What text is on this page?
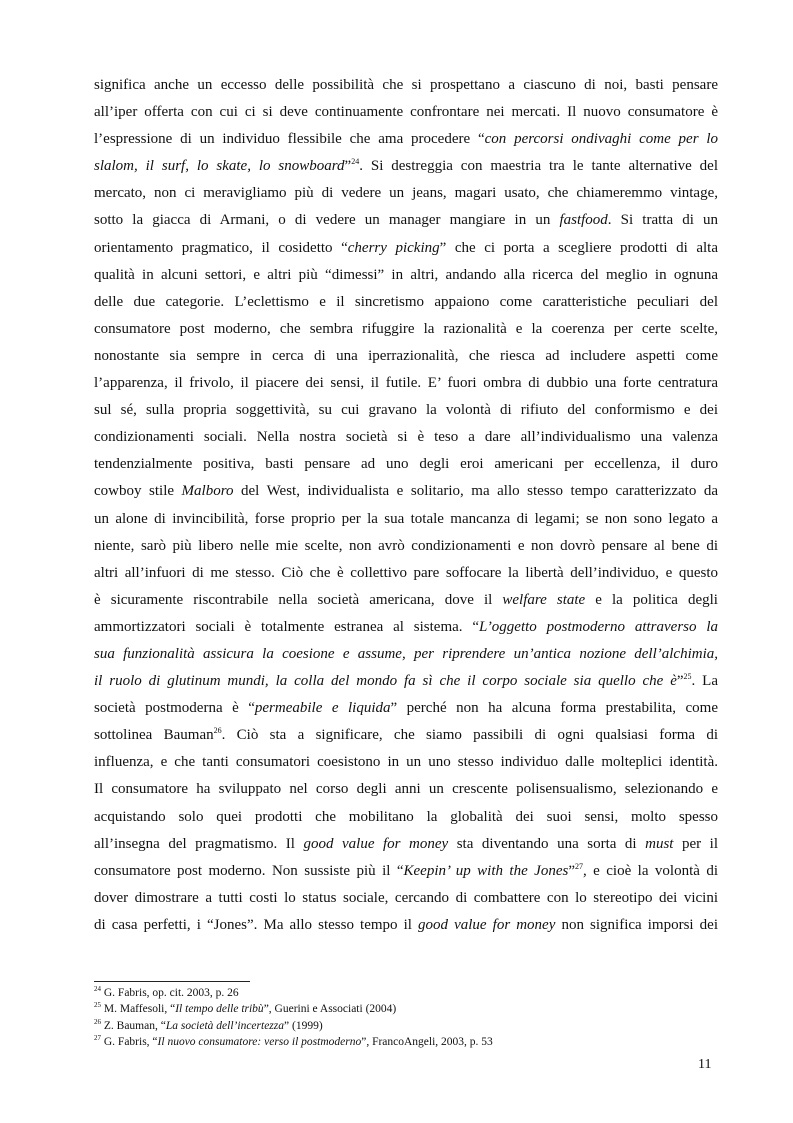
significa anche un eccesso delle possibilità che si prospettano a ciascuno di noi, basti pensare
all’iper offerta con cui ci si deve continuamente confrontare nei mercati. Il nuovo consumatore è
l’espressione di un individuo flessibile che ama procedere “con percorsi ondivaghi come per lo
slalom, il surf, lo skate, lo snowboard”$^{24}$. Si destreggia con maestria tra le tante alternative del
mercato, non ci meravigliamo più di vedere un jeans, magari usato, che chiameremmo vintage,
sotto la giacca di Armani, o di vedere un manager mangiare in un fastfood. Si tratta di un
orientamento pragmatico, il cosidetto “cherry picking” che ci porta a scegliere prodotti di alta
qualità in alcuni settori, e altri più “dimessi” in altri, andando alla ricerca del meglio in ognuna
delle due categorie. L’eclettismo e il sincretismo appaiono come caratteristiche peculiari del
consumatore post moderno, che sembra rifuggire la razionalità e la coerenza per certe scelte,
nonostante sia sempre in cerca di una iperrazionalità, che riesca ad includere aspetti come
l’apparenza, il frivolo, il piacere dei sensi, il futile. E’ fuori ombra di dubbio una forte centratura
sul sé, sulla propria soggettività, su cui gravano la volontà di rifiuto del conformismo e dei
condizionamenti sociali. Nella nostra società si è teso a dare all’individualismo una valenza
tendenzialmente positiva, basti pensare ad uno degli eroi americani per eccellenza, il duro
cowboy stile Malboro del West, individualista e solitario, ma allo stesso tempo caratterizzato da
un alone di invincibilità, forse proprio per la sua totale mancanza di legami; se non sono legato a
niente, sarò più libero nelle mie scelte, non avrò condizionamenti e non dovrò pensare al bene di
altri all’infuori di me stesso. Ciò che è collettivo pare soffocare la libertà dell’individuo, e questo
è sicuramente riscontrabile nella società americana, dove il welfare state e la politica degli
ammortizzatori sociali è totalmente estranea al sistema. “L’oggetto postmoderno attraverso la
sua funzionalità assicura la coesione e assume, per riprendere un’antica nozione dell’alchimia,
il ruolo di glutinum mundi, la colla del mondo fa sì che il corpo sociale sia quello che è”$^{25}$. La
società postmoderna è “permeabile e liquida” perché non ha alcuna forma prestabilita, come
sottolinea Bauman$^{26}$. Ciò sta a significare, che siamo passibili di ogni qualsiasi forma di
influenza, e che tanti consumatori coesistono in un uno stesso individuo dalle molteplici identità.
Il consumatore ha sviluppato nel corso degli anni un crescente polisensualismo, selezionando e
acquistando solo quei prodotti che mobilitano la globalità dei suoi sensi, molto spesso
all’insegna del pragmatismo. Il good value for money sta diventando una sorta di must per il
consumatore post moderno. Non sussiste più il “Keepin’ up with the Jones”$^{27}$, e cioè la volontà di
dover dimostrare a tutti costi lo status sociale, cercando di combattere con lo stereotipo dei vicini
di casa perfetti, i “Jones”. Ma allo stesso tempo il good value for money non significa imporsi dei
$^{24}$ G. Fabris, op. cit. 2003, p. 26
$^{25}$ M. Maffesoli, “Il tempo delle tribù”, Guerini e Associati (2004)
$^{26}$ Z. Bauman, “La società dell’incertezza” (1999)
$^{27}$ G. Fabris, “Il nuovo consumatore: verso il postmoderno”, FrancoAngeli, 2003, p. 53
11
